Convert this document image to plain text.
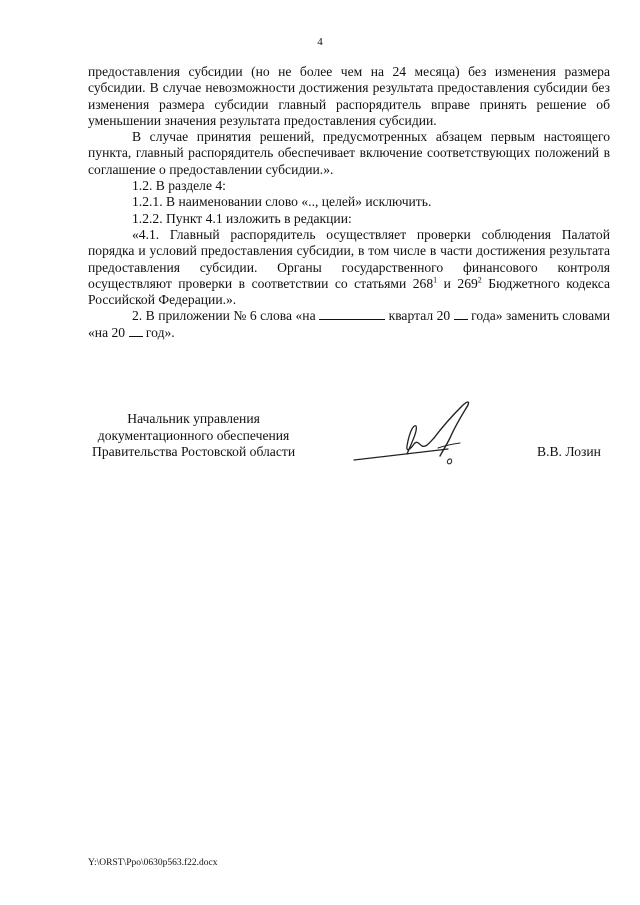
4

предоставления субсидии (но не более чем на 24 месяца) без изменения размера субсидии. В случае невозможности достижения результата предоставления субсидии без изменения размера субсидии главный распорядитель вправе принять решение об уменьшении значения результата предоставления субсидии.

В случае принятия решений, предусмотренных абзацем первым настоящего пункта, главный распорядитель обеспечивает включение соответствующих положений в соглашение о предоставлении субсидии.».

1.2. В разделе 4:

1.2.1. В наименовании слово «.., целей» исключить.

1.2.2. Пункт 4.1 изложить в редакции:

«4.1. Главный распорядитель осуществляет проверки соблюдения Палатой порядка и условий предоставления субсидии, в том числе в части достижения результата предоставления субсидии. Органы государственного финансового контроля осуществляют проверки в соответствии со статьями $268^1$ и $269^2$ Бюджетного кодекса Российской Федерации.».

2. В приложении № 6 слова «на	квартал 20 года» заменить словами «на 20 год».

Начальник управления
документационного обеспечения
Правительства Ростовской области	В.В. Лозин
Y:\ORST\Ppo\0630p563.f22.docx
